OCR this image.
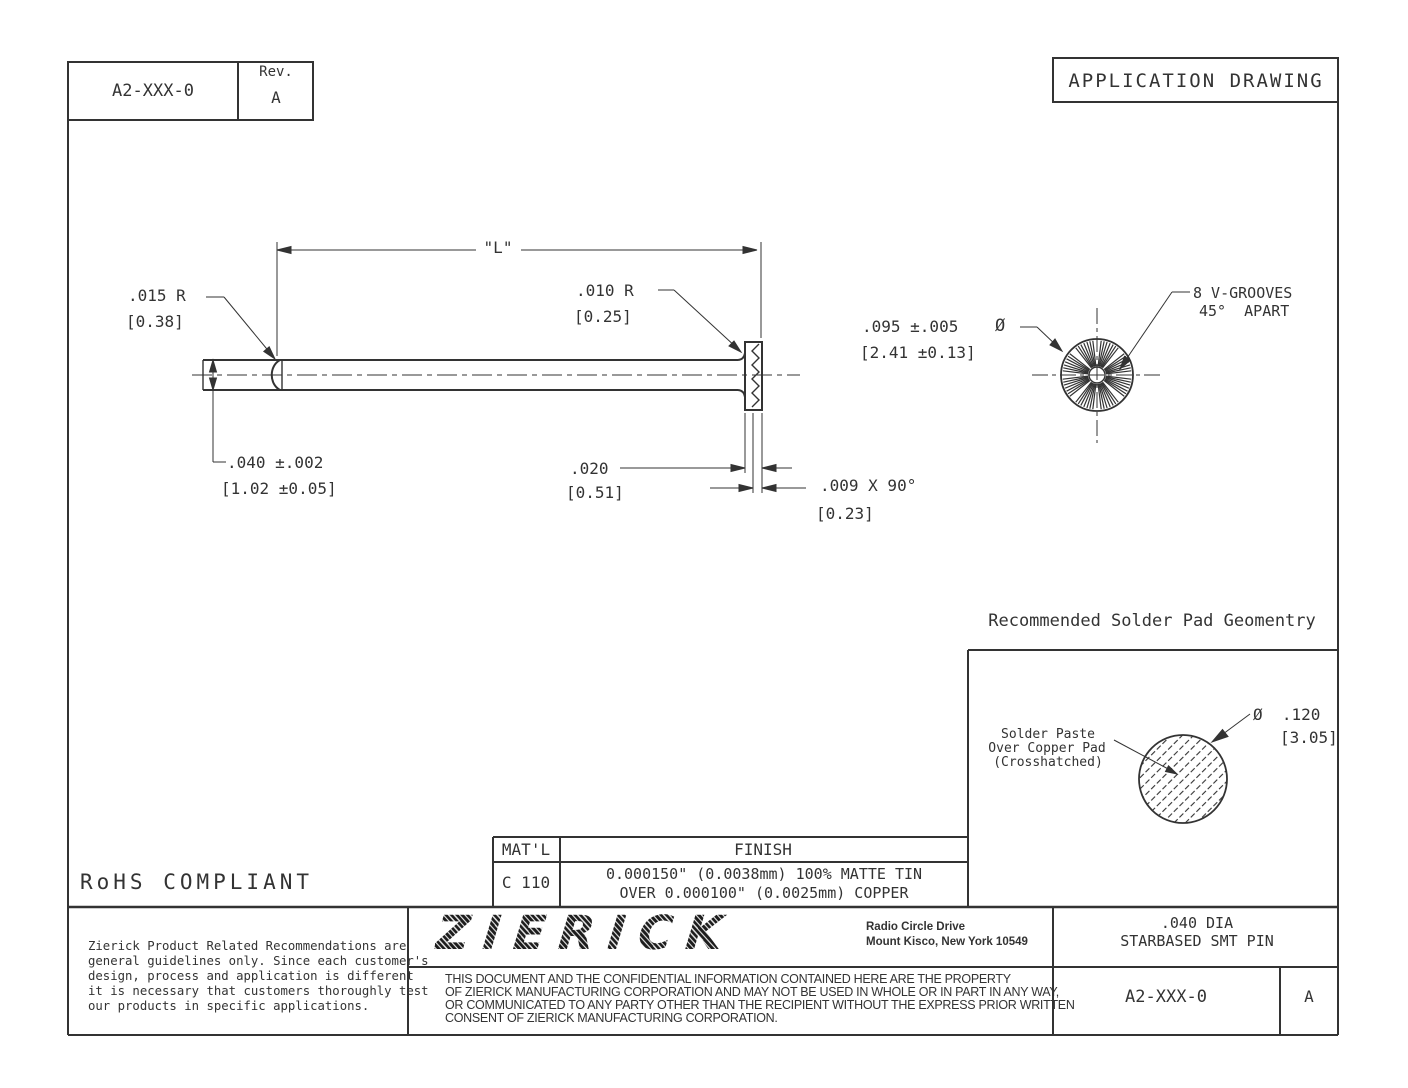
A2-XXX-0
Rev.
A
APPLICATION DRAWING
"L"
.015 R
[0.38]
.010 R
[0.25]
.040 ±.002
[1.02 ±0.05]
.020
[0.51]	.009 X 90°
[0.23]
.095 ±.005 Ø
[2.41 ±0.13]
8 V-GROOVES
45°  APART
Recommended Solder Pad Geomentry
Solder Paste
Over Copper Pad
(Crosshatched)
Ø  .120
[3.05]
MAT'L	FINISH
C 110	0.000150" (0.0038mm) 100% MATTE TIN
OVER 0.000100" (0.0025mm) COPPER
RoHS COMPLIANT
Zierick Product Related Recommendations are
general guidelines only. Since each customer's
design, process and application is different
it is necessary that customers thoroughly test
our products in specific applications.
ZIERICK	Radio Circle Drive
Mount Kisco, New York 10549
THIS DOCUMENT AND THE CONFIDENTIAL INFORMATION CONTAINED HERE ARE THE PROPERTY
OF ZIERICK MANUFACTURING CORPORATION AND MAY NOT BE USED IN WHOLE OR IN PART IN ANY WAY,
OR COMMUNICATED TO ANY PARTY OTHER THAN THE RECIPIENT WITHOUT THE EXPRESS PRIOR WRITTEN
CONSENT OF ZIERICK MANUFACTURING CORPORATION.
.040 DIA
STARBASED SMT PIN
A2-XXX-0	A
